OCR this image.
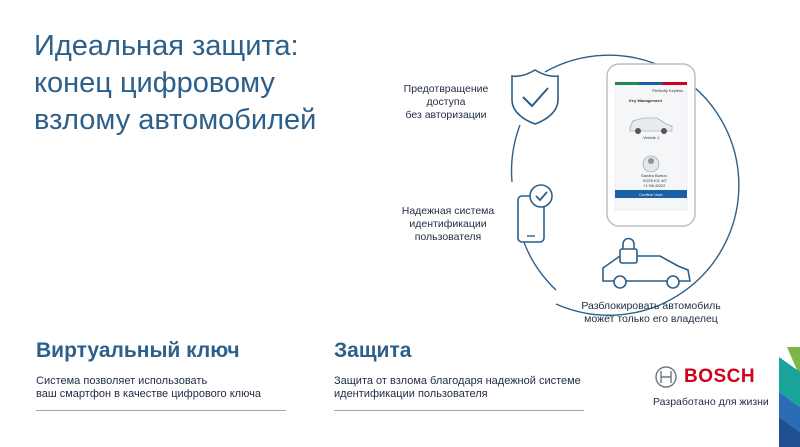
Идеальная защита:
конец цифровому
взлому автомобилей
Perfectly Keyless
Key Management
Vehicle 1
Sandra Burton
0/220 KG 4/2
+1 9/6 8/222
Confirm User
Предотвращение
доступа
без авторизации
Надежная система
идентификации
пользователя
Разблокировать автомобиль
может только его владелец
Виртуальный ключ
Система позволяет использовать
ваш смартфон в качестве цифрового ключа
Защита
Защита от взлома благодаря надежной системе
идентификации пользователя
BOSCH
Разработано для жизни
